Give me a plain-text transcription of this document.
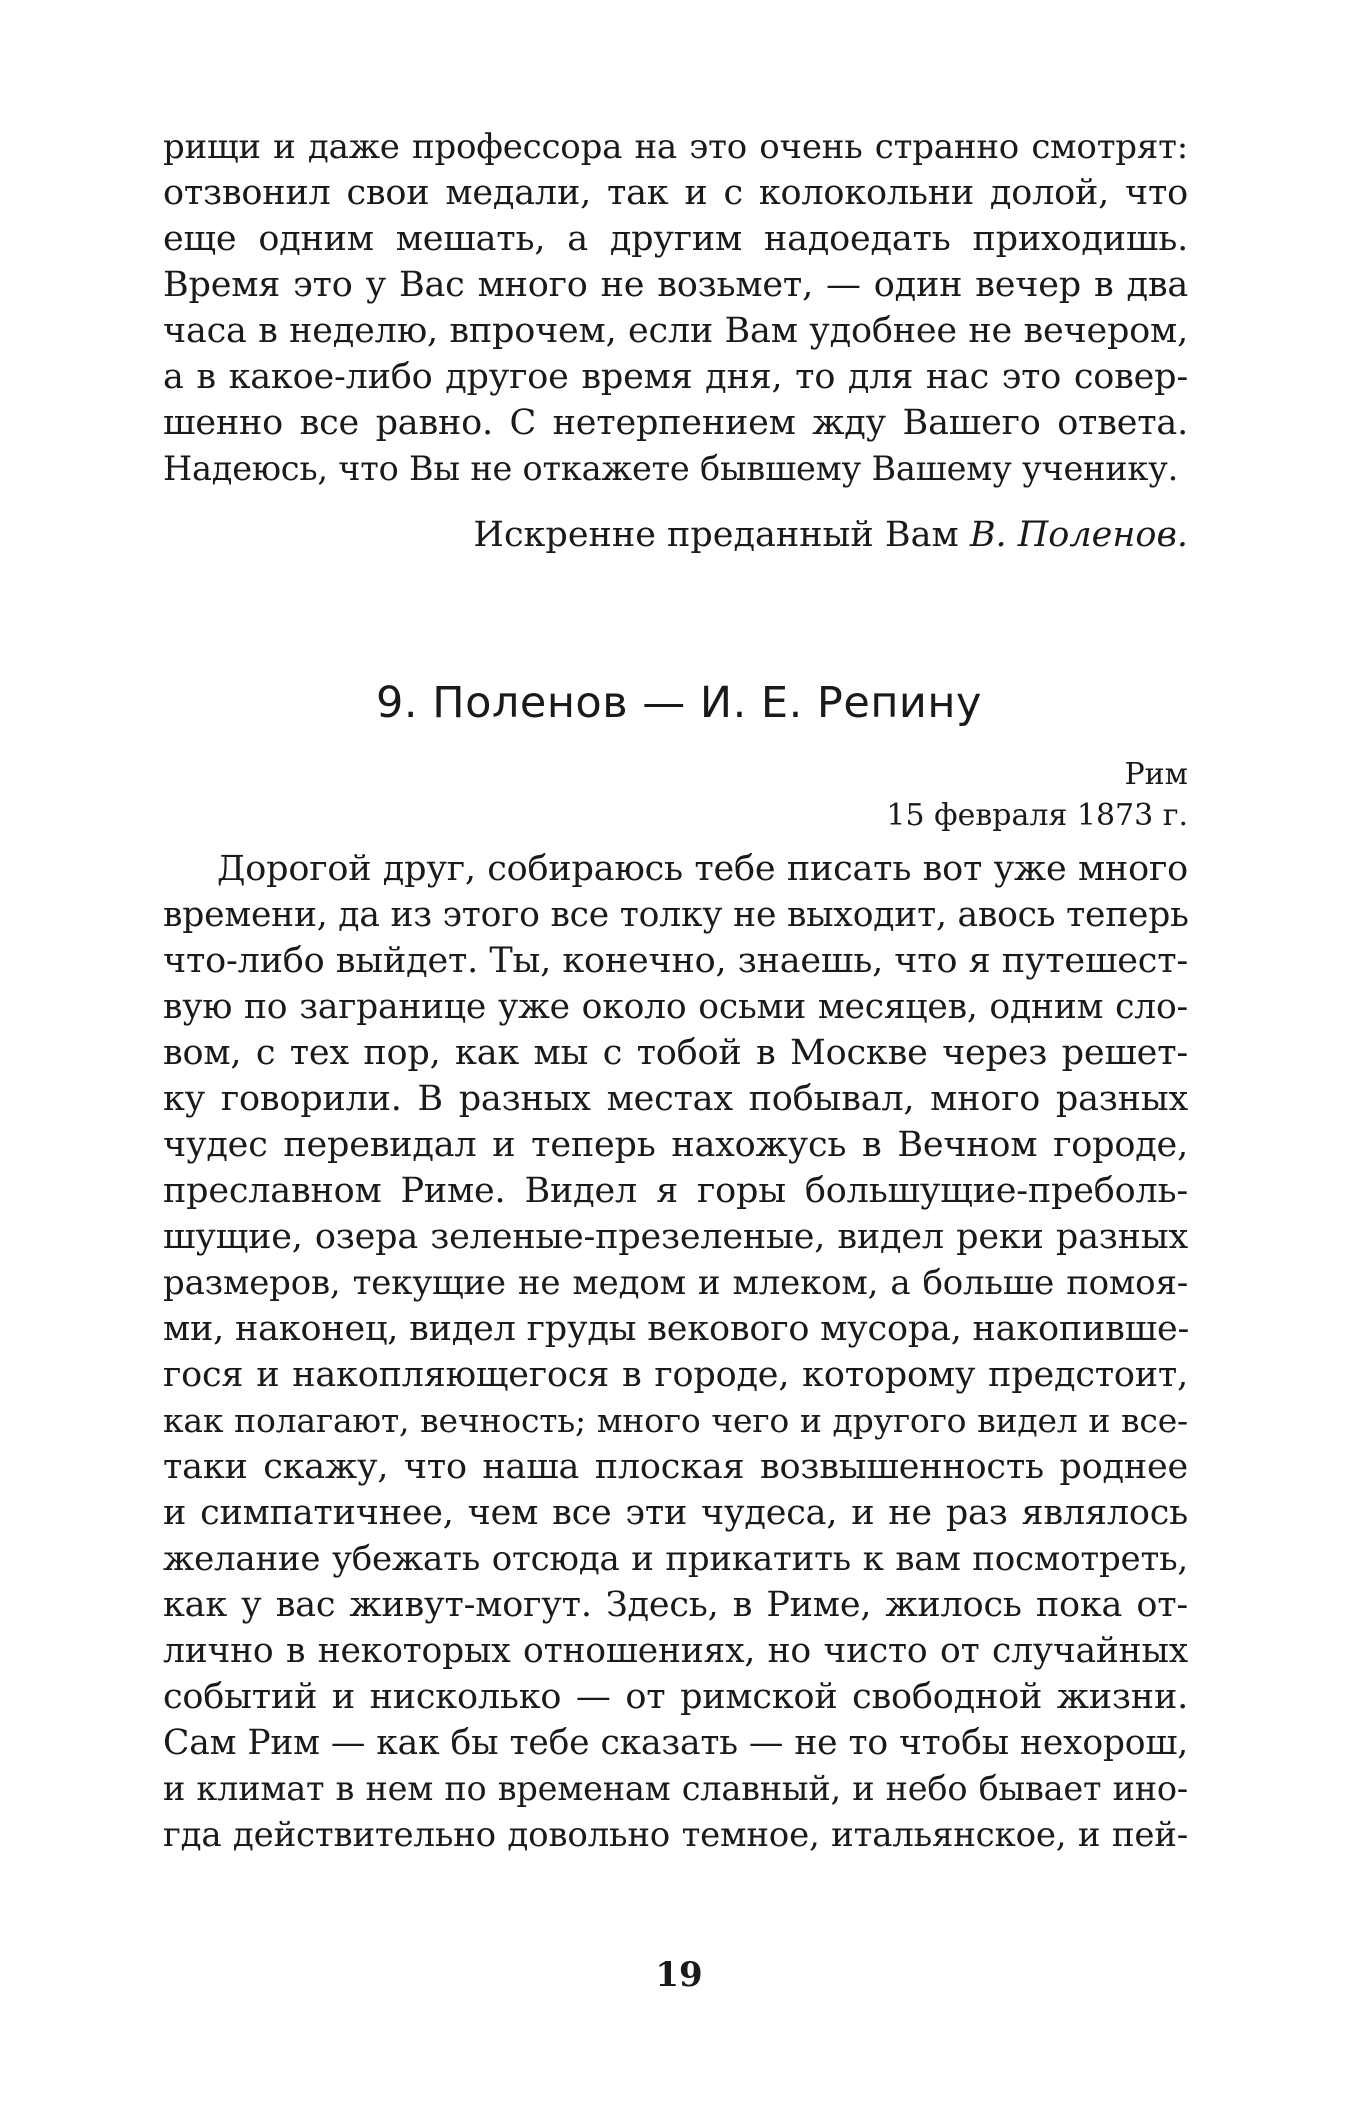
рищи и даже профессора на это очень странно смотрят:
отзвонил свои медали, так и с колокольни долой, что
еще одним мешать, а другим надоедать приходишь.
Время это у Вас много не возьмет, — один вечер в два
часа в неделю, впрочем, если Вам удобнее не вечером,
а в какое-либо другое время дня, то для нас это совер-
шенно все равно. С нетерпением жду Вашего ответа.
Надеюсь, что Вы не откажете бывшему Вашему ученику.
Искренне преданный Вам В. Поленов.
9. Поленов — И. Е. Репину
Рим
15 февраля 1873 г.
Дорогой друг, собираюсь тебе писать вот уже много
времени, да из этого все толку не выходит, авось теперь
что-либо выйдет. Ты, конечно, знаешь, что я путешест-
вую по загранице уже около осьми месяцев, одним сло-
вом, с тех пор, как мы с тобой в Москве через решет-
ку говорили. В разных местах побывал, много разных
чудес перевидал и теперь нахожусь в Вечном городе,
преславном Риме. Видел я горы большущие-преболь-
шущие, озера зеленые-презеленые, видел реки разных
размеров, текущие не медом и млеком, а больше помоя-
ми, наконец, видел груды векового мусора, накопивше-
гося и накопляющегося в городе, которому предстоит,
как полагают, вечность; много чего и другого видел и все-
таки скажу, что наша плоская возвышенность роднее
и симпатичнее, чем все эти чудеса, и не раз являлось
желание убежать отсюда и прикатить к вам посмотреть,
как у вас живут-могут. Здесь, в Риме, жилось пока от-
лично в некоторых отношениях, но чисто от случайных
событий и нисколько — от римской свободной жизни.
Сам Рим — как бы тебе сказать — не то чтобы нехорош,
и климат в нем по временам славный, и небо бывает ино-
гда действительно довольно темное, итальянское, и пей-
19
